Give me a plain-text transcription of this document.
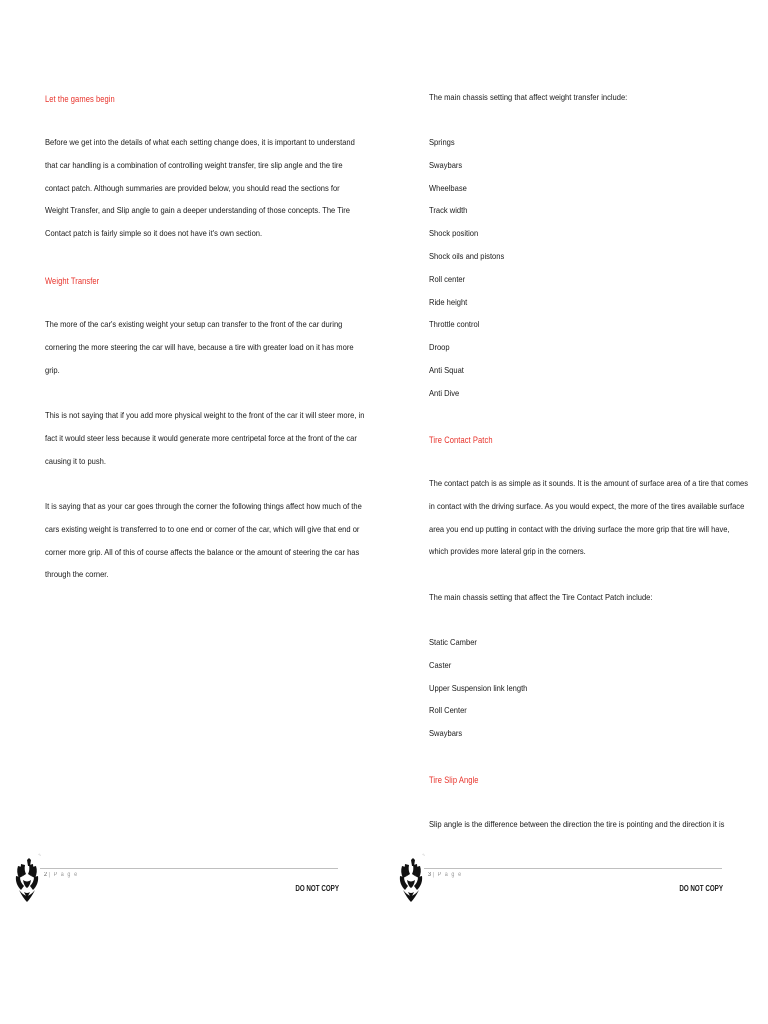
Let the games begin

Before we get into the details of what each setting change does, it is important to understand

that car handling is a combination of controlling weight transfer, tire slip angle and the tire

contact patch. Although summaries are provided below, you should read the sections for

Weight Transfer, and Slip angle to gain a deeper understanding of those concepts. The Tire

Contact patch is fairly simple so it does not have it's own section.

Weight Transfer

The more of the car's existing weight your setup can transfer to the front of the car during

cornering the more steering the car will have, because a tire with greater load on it has more

grip.

This is not saying that if you add more physical weight to the front of the car it will steer more, in

fact it would steer less because it would generate more centripetal force at the front of the car

causing it to push.

It is saying that as your car goes through the corner the following things affect how much of the

cars existing weight is transferred to to one end or corner of the car, which will give that end or

corner more grip. All of this of course affects the balance or the amount of steering the car has

through the corner.

∿
2 | P a g e
DO NOT COPY

The main chassis setting that affect weight transfer include:

Springs

Swaybars

Wheelbase

Track width

Shock position

Shock oils and pistons

Roll center

Ride height

Throttle control

Droop

Anti Squat

Anti Dive

Tire Contact Patch

The contact patch is as simple as it sounds. It is the amount of surface area of a tire that comes

in contact with the driving surface. As you would expect, the more of the tires available surface

area you end up putting in contact with the driving surface the more grip that tire will have,

which provides more lateral grip in the corners.

The main chassis setting that affect the Tire Contact Patch include:

Static Camber

Caster

Upper Suspension link length

Roll Center

Swaybars

Tire Slip Angle

Slip angle is the difference between the direction the tire is pointing and the direction it is

∿
3 | P a g e
DO NOT COPY
